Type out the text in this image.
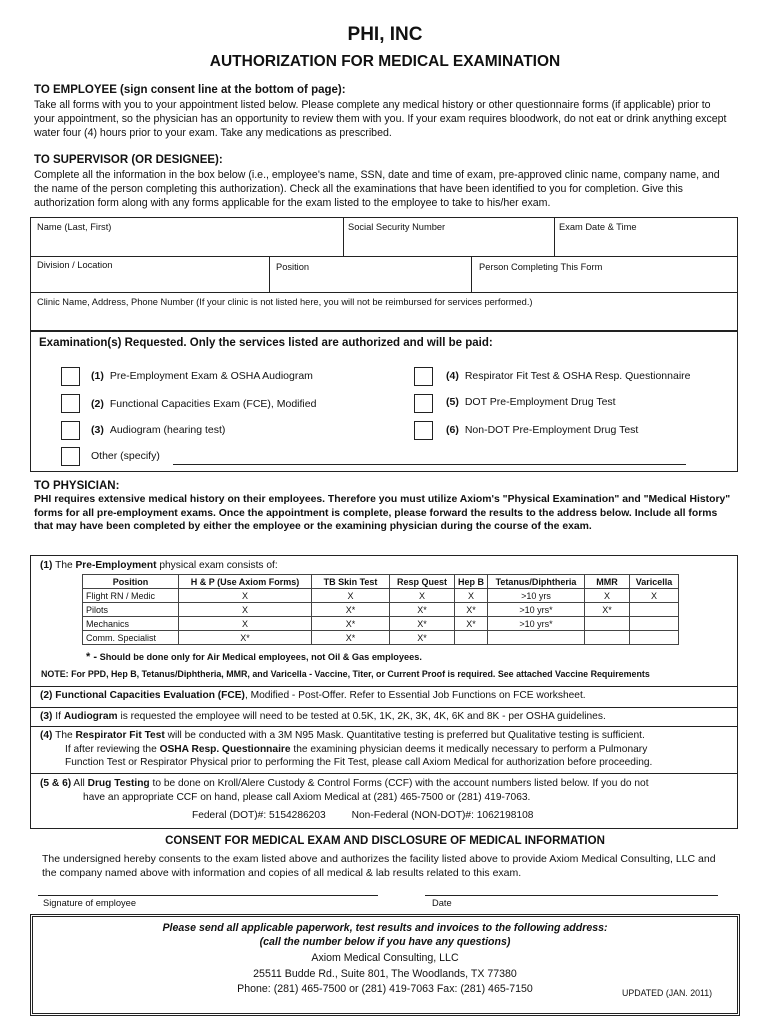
PHI, INC
AUTHORIZATION FOR MEDICAL EXAMINATION
TO EMPLOYEE (sign consent line at the bottom of page):
Take all forms with you to your appointment listed below. Please complete any medical history or other questionnaire forms (if applicable) prior to your appointment, so the physician has an opportunity to review them with you. If your exam requires bloodwork, do not eat or drink anything except water four (4) hours prior to your exam. Take any medications as prescribed.
TO SUPERVISOR (OR DESIGNEE):
Complete all the information in the box below (i.e., employee's name, SSN, date and time of exam, pre-approved clinic name, company name, and the name of the person completing this authorization). Check all the examinations that have been identified to you for completion. Give this authorization form along with any forms applicable for the exam listed to the employee to take to his/her exam.
Name (Last, First)	Social Security Number	Exam Date & Time
Division / Location	Position	Person Completing This Form
Clinic Name, Address, Phone Number (If your clinic is not listed here, you will not be reimbursed for services performed.)
Examination(s) Requested. Only the services listed are authorized and will be paid:
(1) Pre-Employment Exam & OSHA Audiogram
(2) Functional Capacities Exam (FCE), Modified
(3) Audiogram (hearing test)
Other (specify)
(4) Respirator Fit Test & OSHA Resp. Questionnaire
(5) DOT Pre-Employment Drug Test
(6) Non-DOT Pre-Employment Drug Test
TO PHYSICIAN:
PHI requires extensive medical history on their employees. Therefore you must utilize Axiom's "Physical Examination" and "Medical History" forms for all pre-employment exams. Once the appointment is complete, please forward the results to the address below. Include all forms that may have been completed by either the employee or the examining physician during the course of the exam.
(1) The Pre-Employment physical exam consists of:
Position	H & P (Use Axiom Forms)	TB Skin Test	Resp Quest	Hep B	Tetanus/Diphtheria	MMR	Varicella
Flight RN / Medic	X	X	X	X	>10 yrs	X	X
Pilots	X	X*	X*	X*	>10 yrs*	X*	
Mechanics	X	X*	X*	X*	>10 yrs*		
Comm. Specialist	X*	X*	X*				
* - Should be done only for Air Medical employees, not Oil & Gas employees.
NOTE: For PPD, Hep B, Tetanus/Diphtheria, MMR, and Varicella - Vaccine, Titer, or Current Proof is required. See attached Vaccine Requirements
(2) Functional Capacities Evaluation (FCE), Modified - Post-Offer. Refer to Essential Job Functions on FCE worksheet.
(3) If Audiogram is requested the employee will need to be tested at 0.5K, 1K, 2K, 3K, 4K, 6K and 8K - per OSHA guidelines.
(4) The Respirator Fit Test will be conducted with a 3M N95 Mask. Quantitative testing is preferred but Qualitative testing is sufficient.
If after reviewing the OSHA Resp. Questionnaire the examining physician deems it medically necessary to perform a Pulmonary
Function Test or Respirator Physical prior to performing the Fit Test, please call Axiom Medical for authorization before proceeding.
(5 & 6) All Drug Testing to be done on Kroll/Alere Custody & Control Forms (CCF) with the account numbers listed below. If you do not
have an appropriate CCF on hand, please call Axiom Medical at (281) 465-7500 or (281) 419-7063.
Federal (DOT)#: 5154286203	Non-Federal (NON-DOT)#: 1062198108
CONSENT FOR MEDICAL EXAM AND DISCLOSURE OF MEDICAL INFORMATION
The undersigned hereby consents to the exam listed above and authorizes the facility listed above to provide Axiom Medical Consulting, LLC and the company named above with information and copies of all medical & lab results related to this exam.
Signature of employee	Date
Please send all applicable paperwork, test results and invoices to the following address:
(call the number below if you have any questions)
Axiom Medical Consulting, LLC
25511 Budde Rd., Suite 801, The Woodlands, TX 77380
Phone: (281) 465-7500 or (281) 419-7063 Fax: (281) 465-7150	UPDATED (JAN. 2011)
